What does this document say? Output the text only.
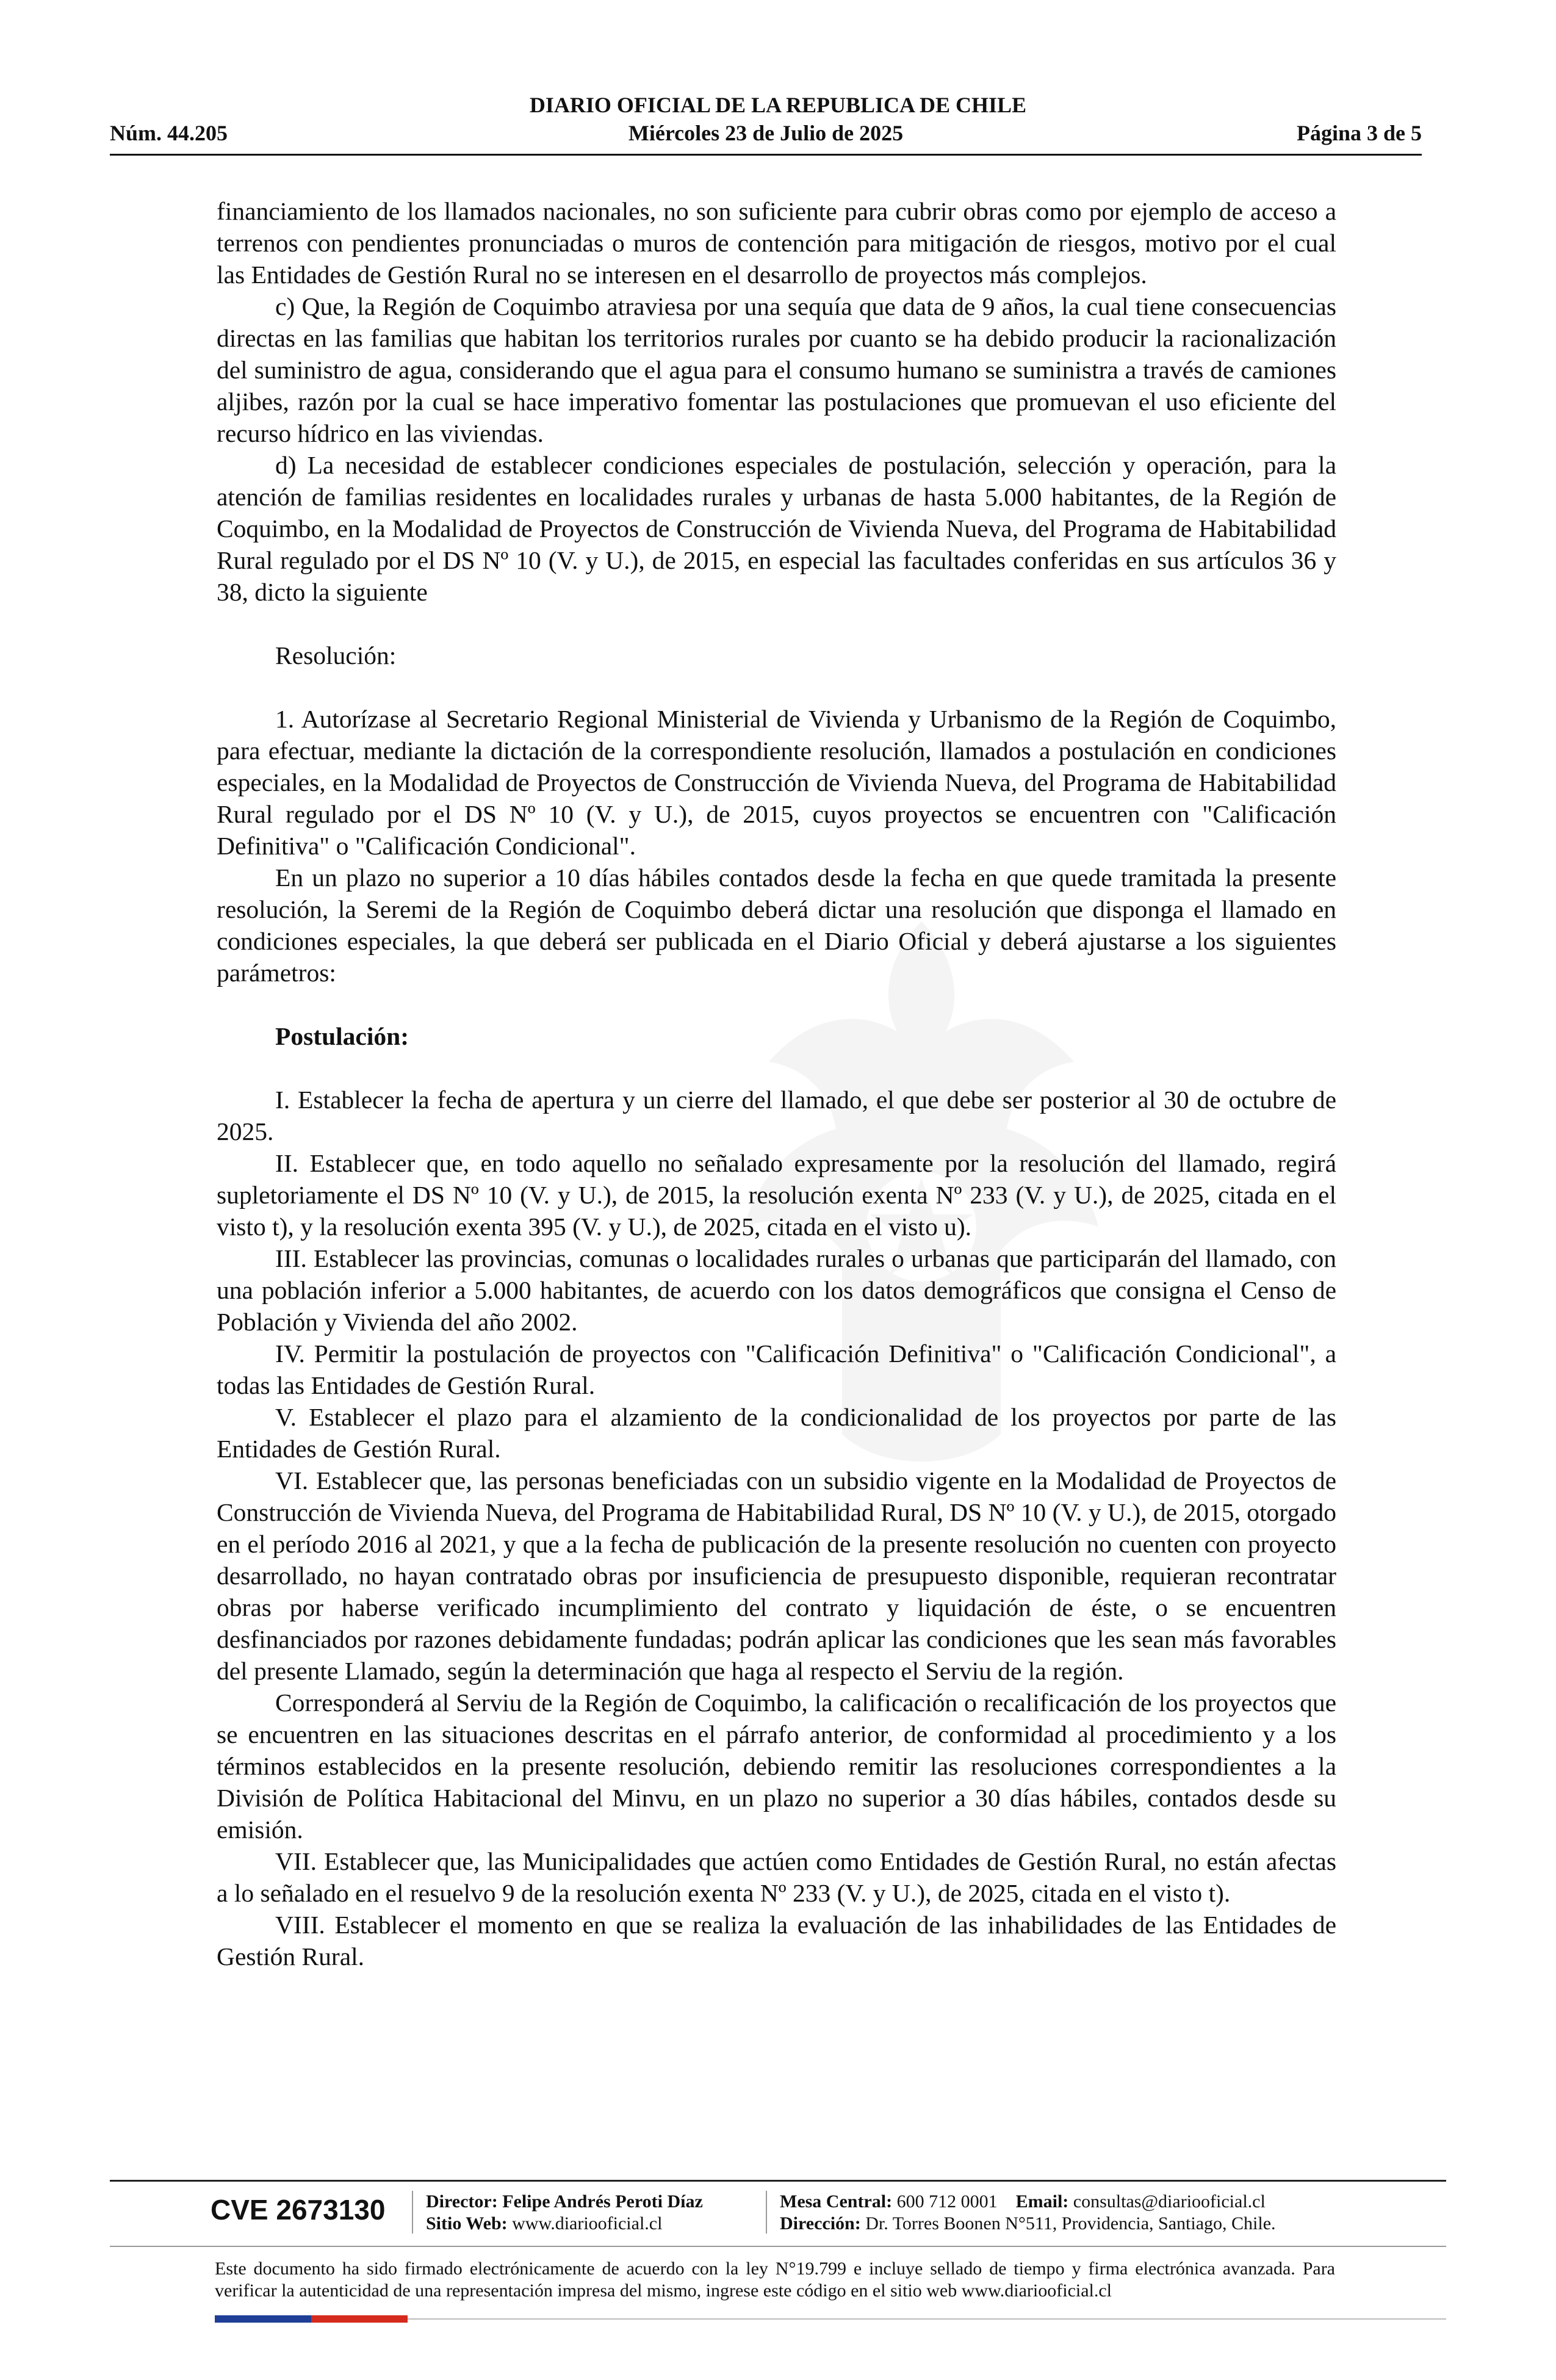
DIARIO OFICIAL DE LA REPUBLICA DE CHILE
Núm. 44.205	Miércoles 23 de Julio de 2025	Página 3 de 5

financiamiento de los llamados nacionales, no son suficiente para cubrir obras como por ejemplo de acceso a terrenos con pendientes pronunciadas o muros de contención para mitigación de riesgos, motivo por el cual las Entidades de Gestión Rural no se interesen en el desarrollo de proyectos más complejos.

c) Que, la Región de Coquimbo atraviesa por una sequía que data de 9 años, la cual tiene consecuencias directas en las familias que habitan los territorios rurales por cuanto se ha debido producir la racionalización del suministro de agua, considerando que el agua para el consumo humano se suministra a través de camiones aljibes, razón por la cual se hace imperativo fomentar las postulaciones que promuevan el uso eficiente del recurso hídrico en las viviendas.

d) La necesidad de establecer condiciones especiales de postulación, selección y operación, para la atención de familias residentes en localidades rurales y urbanas de hasta 5.000 habitantes, de la Región de Coquimbo, en la Modalidad de Proyectos de Construcción de Vivienda Nueva, del Programa de Habitabilidad Rural regulado por el DS Nº 10 (V. y U.), de 2015, en especial las facultades conferidas en sus artículos 36 y 38, dicto la siguiente

Resolución:

1. Autorízase al Secretario Regional Ministerial de Vivienda y Urbanismo de la Región de Coquimbo, para efectuar, mediante la dictación de la correspondiente resolución, llamados a postulación en condiciones especiales, en la Modalidad de Proyectos de Construcción de Vivienda Nueva, del Programa de Habitabilidad Rural regulado por el DS Nº 10 (V. y U.), de 2015, cuyos proyectos se encuentren con "Calificación Definitiva" o "Calificación Condicional".

En un plazo no superior a 10 días hábiles contados desde la fecha en que quede tramitada la presente resolución, la Seremi de la Región de Coquimbo deberá dictar una resolución que disponga el llamado en condiciones especiales, la que deberá ser publicada en el Diario Oficial y deberá ajustarse a los siguientes parámetros:

Postulación:

I. Establecer la fecha de apertura y un cierre del llamado, el que debe ser posterior al 30 de octubre de 2025.

II. Establecer que, en todo aquello no señalado expresamente por la resolución del llamado, regirá supletoriamente el DS Nº 10 (V. y U.), de 2015, la resolución exenta Nº 233 (V. y U.), de 2025, citada en el visto t), y la resolución exenta 395 (V. y U.), de 2025, citada en el visto u).

III. Establecer las provincias, comunas o localidades rurales o urbanas que participarán del llamado, con una población inferior a 5.000 habitantes, de acuerdo con los datos demográficos que consigna el Censo de Población y Vivienda del año 2002.

IV. Permitir la postulación de proyectos con "Calificación Definitiva" o "Calificación Condicional", a todas las Entidades de Gestión Rural.

V. Establecer el plazo para el alzamiento de la condicionalidad de los proyectos por parte de las Entidades de Gestión Rural.

VI. Establecer que, las personas beneficiadas con un subsidio vigente en la Modalidad de Proyectos de Construcción de Vivienda Nueva, del Programa de Habitabilidad Rural, DS Nº 10 (V. y U.), de 2015, otorgado en el período 2016 al 2021, y que a la fecha de publicación de la presente resolución no cuenten con proyecto desarrollado, no hayan contratado obras por insuficiencia de presupuesto disponible, requieran recontratar obras por haberse verificado incumplimiento del contrato y liquidación de éste, o se encuentren desfinanciados por razones debidamente fundadas; podrán aplicar las condiciones que les sean más favorables del presente Llamado, según la determinación que haga al respecto el Serviu de la región.

Corresponderá al Serviu de la Región de Coquimbo, la calificación o recalificación de los proyectos que se encuentren en las situaciones descritas en el párrafo anterior, de conformidad al procedimiento y a los términos establecidos en la presente resolución, debiendo remitir las resoluciones correspondientes a la División de Política Habitacional del Minvu, en un plazo no superior a 30 días hábiles, contados desde su emisión.

VII. Establecer que, las Municipalidades que actúen como Entidades de Gestión Rural, no están afectas a lo señalado en el resuelvo 9 de la resolución exenta Nº 233 (V. y U.), de 2025, citada en el visto t).

VIII. Establecer el momento en que se realiza la evaluación de las inhabilidades de las Entidades de Gestión Rural.

CVE 2673130	Director: Felipe Andrés Peroti Díaz
Sitio Web: www.diariooficial.cl
Mesa Central: 600 712 0001 Email: consultas@diariooficial.cl
Dirección: Dr. Torres Boonen N°511, Providencia, Santiago, Chile.
Este documento ha sido firmado electrónicamente de acuerdo con la ley N°19.799 e incluye sellado de tiempo y firma electrónica avanzada. Para verificar la autenticidad de una representación impresa del mismo, ingrese este código en el sitio web www.diariooficial.cl
